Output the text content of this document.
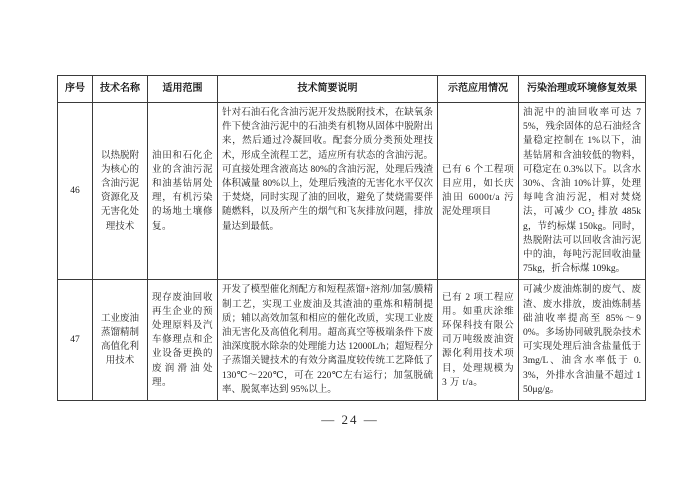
序号	技术名称	适用范围	技术简要说明	示范应用情况	污染治理或环境修复效果
46	以热脱附为核心的含油污泥资源化及无害化处理技术	油田和石化企业的含油污泥和油基钻屑处理，有机污染的场地土壤修复。	针对石油石化含油污泥开发热脱附技术，在缺氧条件下使含油污泥中的石油类有机物从固体中脱附出来，然后通过冷凝回收。配套分质分类预处理技术，形成全流程工艺，适应所有状态的含油污泥。可直接处理含液高达 80%的含油污泥，处理后残渣体积减量 80%以上，处理后残渣的无害化水平仅次于焚烧，同时实现了油的回收，避免了焚烧需要伴随燃料，以及所产生的烟气和飞灰排放问题，排放量达到最低。	已有 6 个工程项目应用，如长庆油田 6000t/a 污泥处理项目	油泥中的油回收率可达 75%，残余固体的总石油烃含量稳定控制在 1%以下，油基钻屑和含油较低的物料，可稳定在 0.3%以下。以含水 30%、含油 10%计算，处理每吨含油污泥，相对焚烧法，可减少 CO₂ 排放 485kg，节约标煤 150kg。同时，热脱附法可以回收含油污泥中的油，每吨污泥回收油量 75kg，折合标煤 109kg。
47	工业废油蒸馏精制高值化利用技术	现存废油回收再生企业的预处理原料及汽车修理点和企业设备更换的废润滑油处理。	开发了模型催化剂配方和短程蒸馏+溶剂/加氢/膜精制工艺，实现工业废油及其渣油的重炼和精制提质；辅以高效加氢和相应的催化改质，实现工业废油无害化及高值化利用。超高真空等极端条件下废油深度脱水除杂的处理能力达 12000L/h；超短程分子蒸馏关键技术的有效分离温度较传统工艺降低了 130℃～220℃，可在 220℃左右运行；加氢脱硫率、脱氮率达到 95%以上。	已有 2 项工程应用。如重庆涂维环保科技有限公司万吨级废油资源化利用技术项目，处理规模为 3 万 t/a。	可减少废油炼制的废气、废渣、废水排放，废油炼制基础油收率提高至 85%～90%。多场协同破乳脱杂技术可实现处理后油含盐量低于 3mg/L、油含水率低于 0.3%，外排水含油量不超过 150μg/g。
— 24 —
